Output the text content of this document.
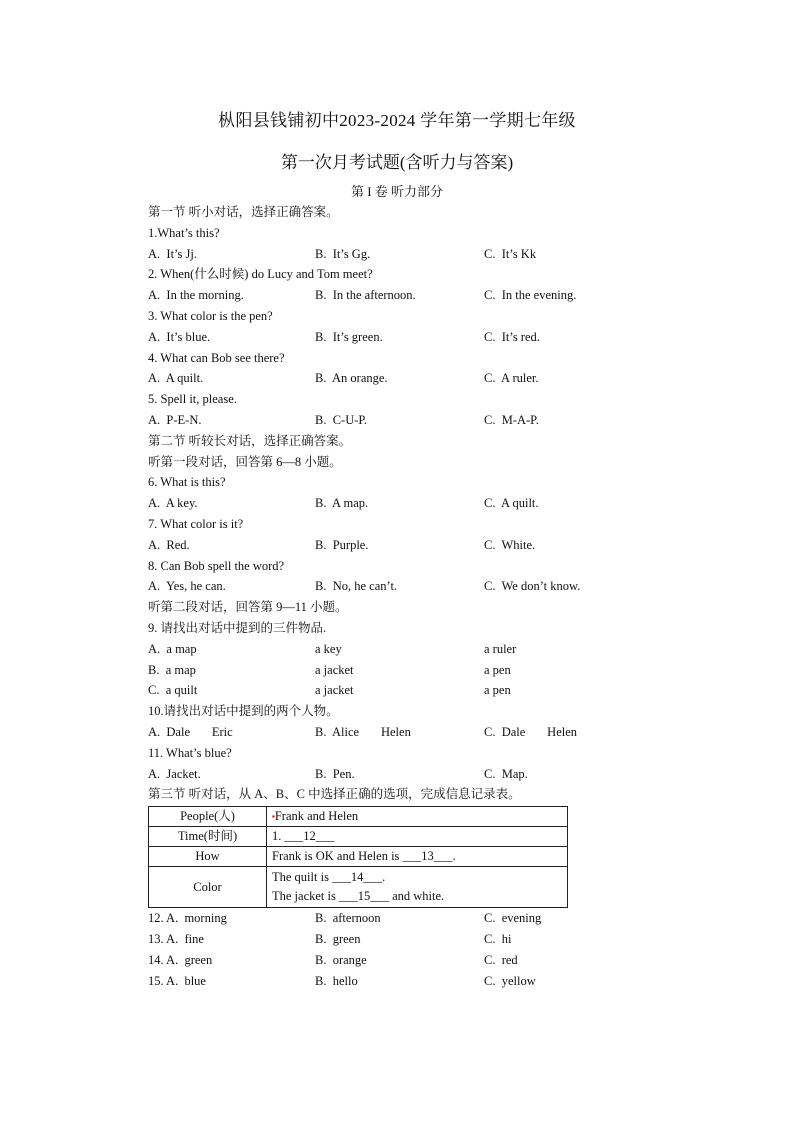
枞阳县钱铺初中2023-2024 学年第一学期七年级
第一次月考试题(含听力与答案)
第 I 卷 听力部分
第一节 听小对话，选择正确答案。
1.What’s this?
A.  It’s Jj.	B.  It’s Gg.	C.  It’s Kk
2. When(什么时候) do Lucy and Tom meet?
A.  In the morning.	B.  In the afternoon.	C.  In the evening.
3. What color is the pen?
A.  It’s blue.	B.  It’s green.	C.  It’s red.
4. What can Bob see there?
A.  A quilt.	B.  An orange.	C.  A ruler.
5. Spell it, please.
A.  P-E-N.	B.  C-U-P.	C.  M-A-P.
第二节 听较长对话，选择正确答案。
听第一段对话，回答第 6—8 小题。
6. What is this?
A.  A key.	B.  A map.	C.  A quilt.
7. What color is it?
A.  Red.	B.  Purple.	C.  White.
8. Can Bob spell the word?
A.  Yes, he can.	B.  No, he can’t.	C.  We don’t know.
听第二段对话，回答第 9—11 小题。
9. 请找出对话中提到的三件物品.
A.  a map	a key	a ruler
B.  a map	a jacket	a pen
C.  a quilt	a jacket	a pen
10.请找出对话中提到的两个人物。
A.  Dale       Eric	B.  Alice       Helen	C.  Dale       Helen
11. What’s blue?
A.  Jacket.	B.  Pen.	C.  Map.
第三节 听对话，从 A、B、C 中选择正确的选项，完成信息记录表。
People(人)	▪Frank and Helen
Time(时间)	1. ___12___
How	Frank is OK and Helen is ___13___.
Color	The quilt is ___14___.
The jacket is ___15___ and white.
12. A.  morning	B.  afternoon	C.  evening
13. A.  fine	B.  green	C.  hi
14. A.  green	B.  orange	C.  red
15. A.  blue	B.  hello	C.  yellow
